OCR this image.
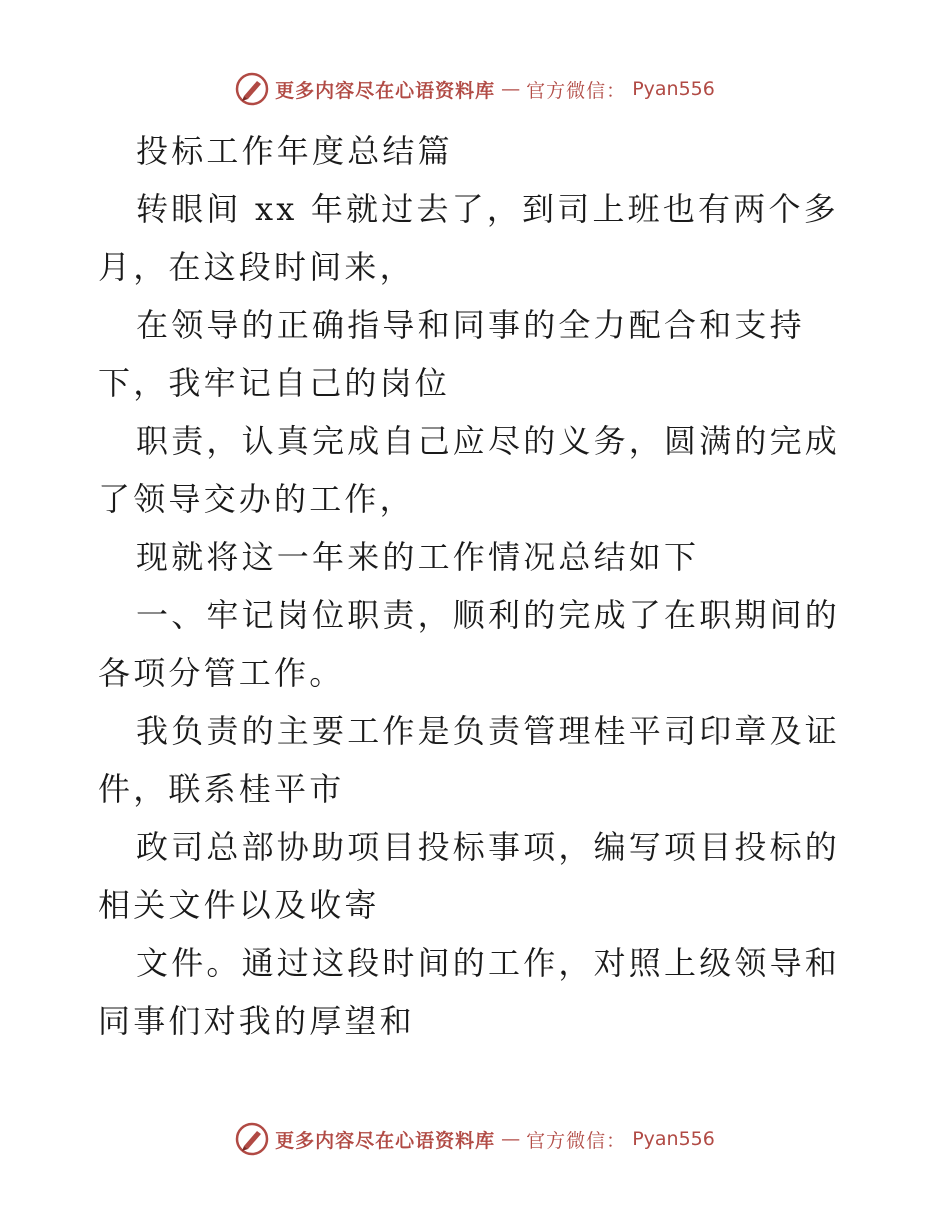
更多内容尽在心语资料库 — 官方微信： Pyan556

投标工作年度总结篇

转眼间 xx 年就过去了，到司上班也有两个多月，在这段时间来，

在领导的正确指导和同事的全力配合和支持下，我牢记自己的岗位

职责，认真完成自己应尽的义务，圆满的完成了领导交办的工作，

现就将这一年来的工作情况总结如下

一、牢记岗位职责，顺利的完成了在职期间的各项分管工作。

我负责的主要工作是负责管理桂平司印章及证件，联系桂平市

政司总部协助项目投标事项，编写项目投标的相关文件以及收寄

文件。通过这段时间的工作，对照上级领导和同事们对我的厚望和

更多内容尽在心语资料库 — 官方微信： Pyan556
